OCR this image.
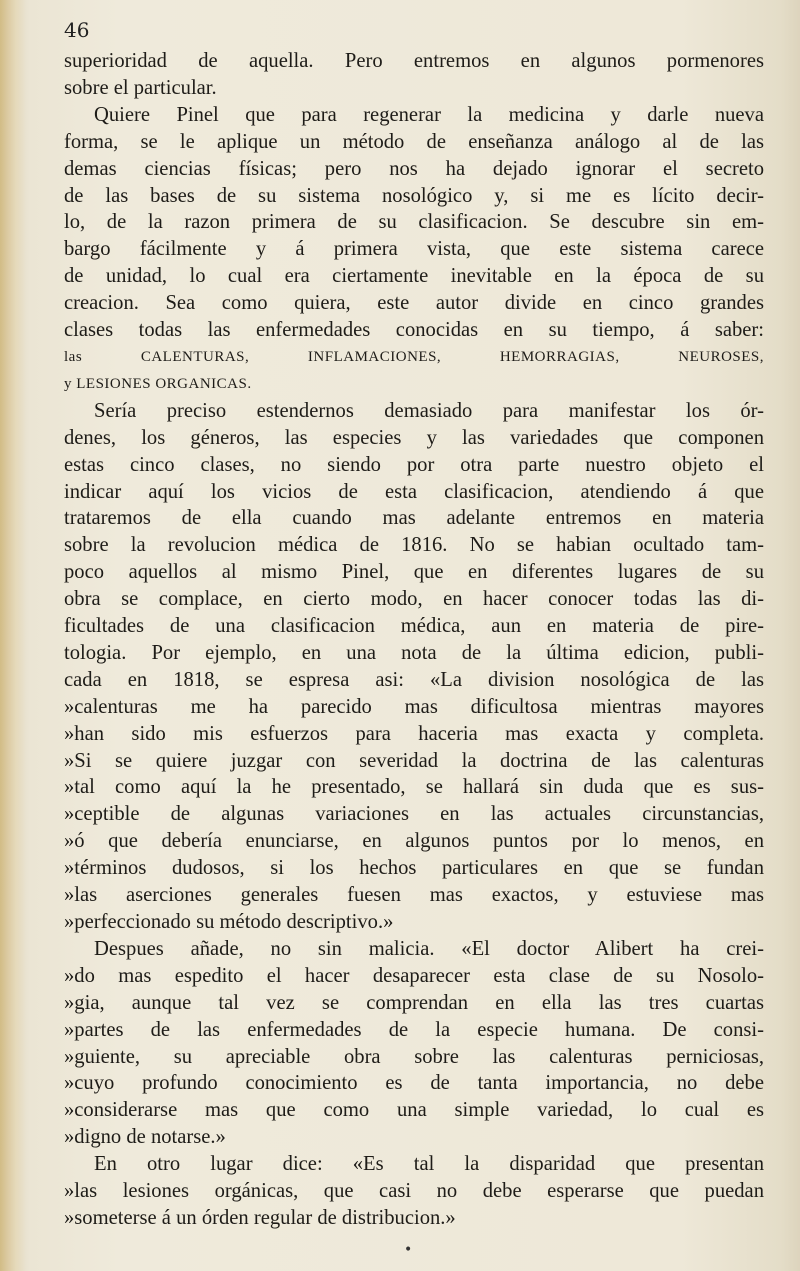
46
superioridad de aquella. Pero entremos en algunos pormenores
sobre el particular.
Quiere Pinel que para regenerar la medicina y darle nueva
forma, se le aplique un método de enseñanza análogo al de las
demas ciencias físicas; pero nos ha dejado ignorar el secreto
de las bases de su sistema nosológico y, si me es lícito decir-
lo, de la razon primera de su clasificacion. Se descubre sin em-
bargo fácilmente y á primera vista, que este sistema carece
de unidad, lo cual era ciertamente inevitable en la época de su
creacion. Sea como quiera, este autor divide en cinco grandes
clases todas las enfermedades conocidas en su tiempo, á saber:
las CALENTURAS, INFLAMACIONES, HEMORRAGIAS, NEUROSES,
y LESIONES ORGANICAS.
Sería preciso estendernos demasiado para manifestar los ór-
denes, los géneros, las especies y las variedades que componen
estas cinco clases, no siendo por otra parte nuestro objeto el
indicar aquí los vicios de esta clasificacion, atendiendo á que
trataremos de ella cuando mas adelante entremos en materia
sobre la revolucion médica de 1816. No se habian ocultado tam-
poco aquellos al mismo Pinel, que en diferentes lugares de su
obra se complace, en cierto modo, en hacer conocer todas las di-
ficultades de una clasificacion médica, aun en materia de pire-
tologia. Por ejemplo, en una nota de la última edicion, publi-
cada en 1818, se espresa asi: «La division nosológica de las
»calenturas me ha parecido mas dificultosa mientras mayores
»han sido mis esfuerzos para haceria mas exacta y completa.
»Si se quiere juzgar con severidad la doctrina de las calenturas
»tal como aquí la he presentado, se hallará sin duda que es sus-
»ceptible de algunas variaciones en las actuales circunstancias,
»ó que debería enunciarse, en algunos puntos por lo menos, en
»términos dudosos, si los hechos particulares en que se fundan
»las aserciones generales fuesen mas exactos, y estuviese mas
»perfeccionado su método descriptivo.»
Despues añade, no sin malicia. «El doctor Alibert ha crei-
»do mas espedito el hacer desaparecer esta clase de su Nosolo-
»gia, aunque tal vez se comprendan en ella las tres cuartas
»partes de las enfermedades de la especie humana. De consi-
»guiente, su apreciable obra sobre las calenturas perniciosas,
»cuyo profundo conocimiento es de tanta importancia, no debe
»considerarse mas que como una simple variedad, lo cual es
»digno de notarse.»
En otro lugar dice: «Es tal la disparidad que presentan
»las lesiones orgánicas, que casi no debe esperarse que puedan
»someterse á un órden regular de distribucion.»
•
